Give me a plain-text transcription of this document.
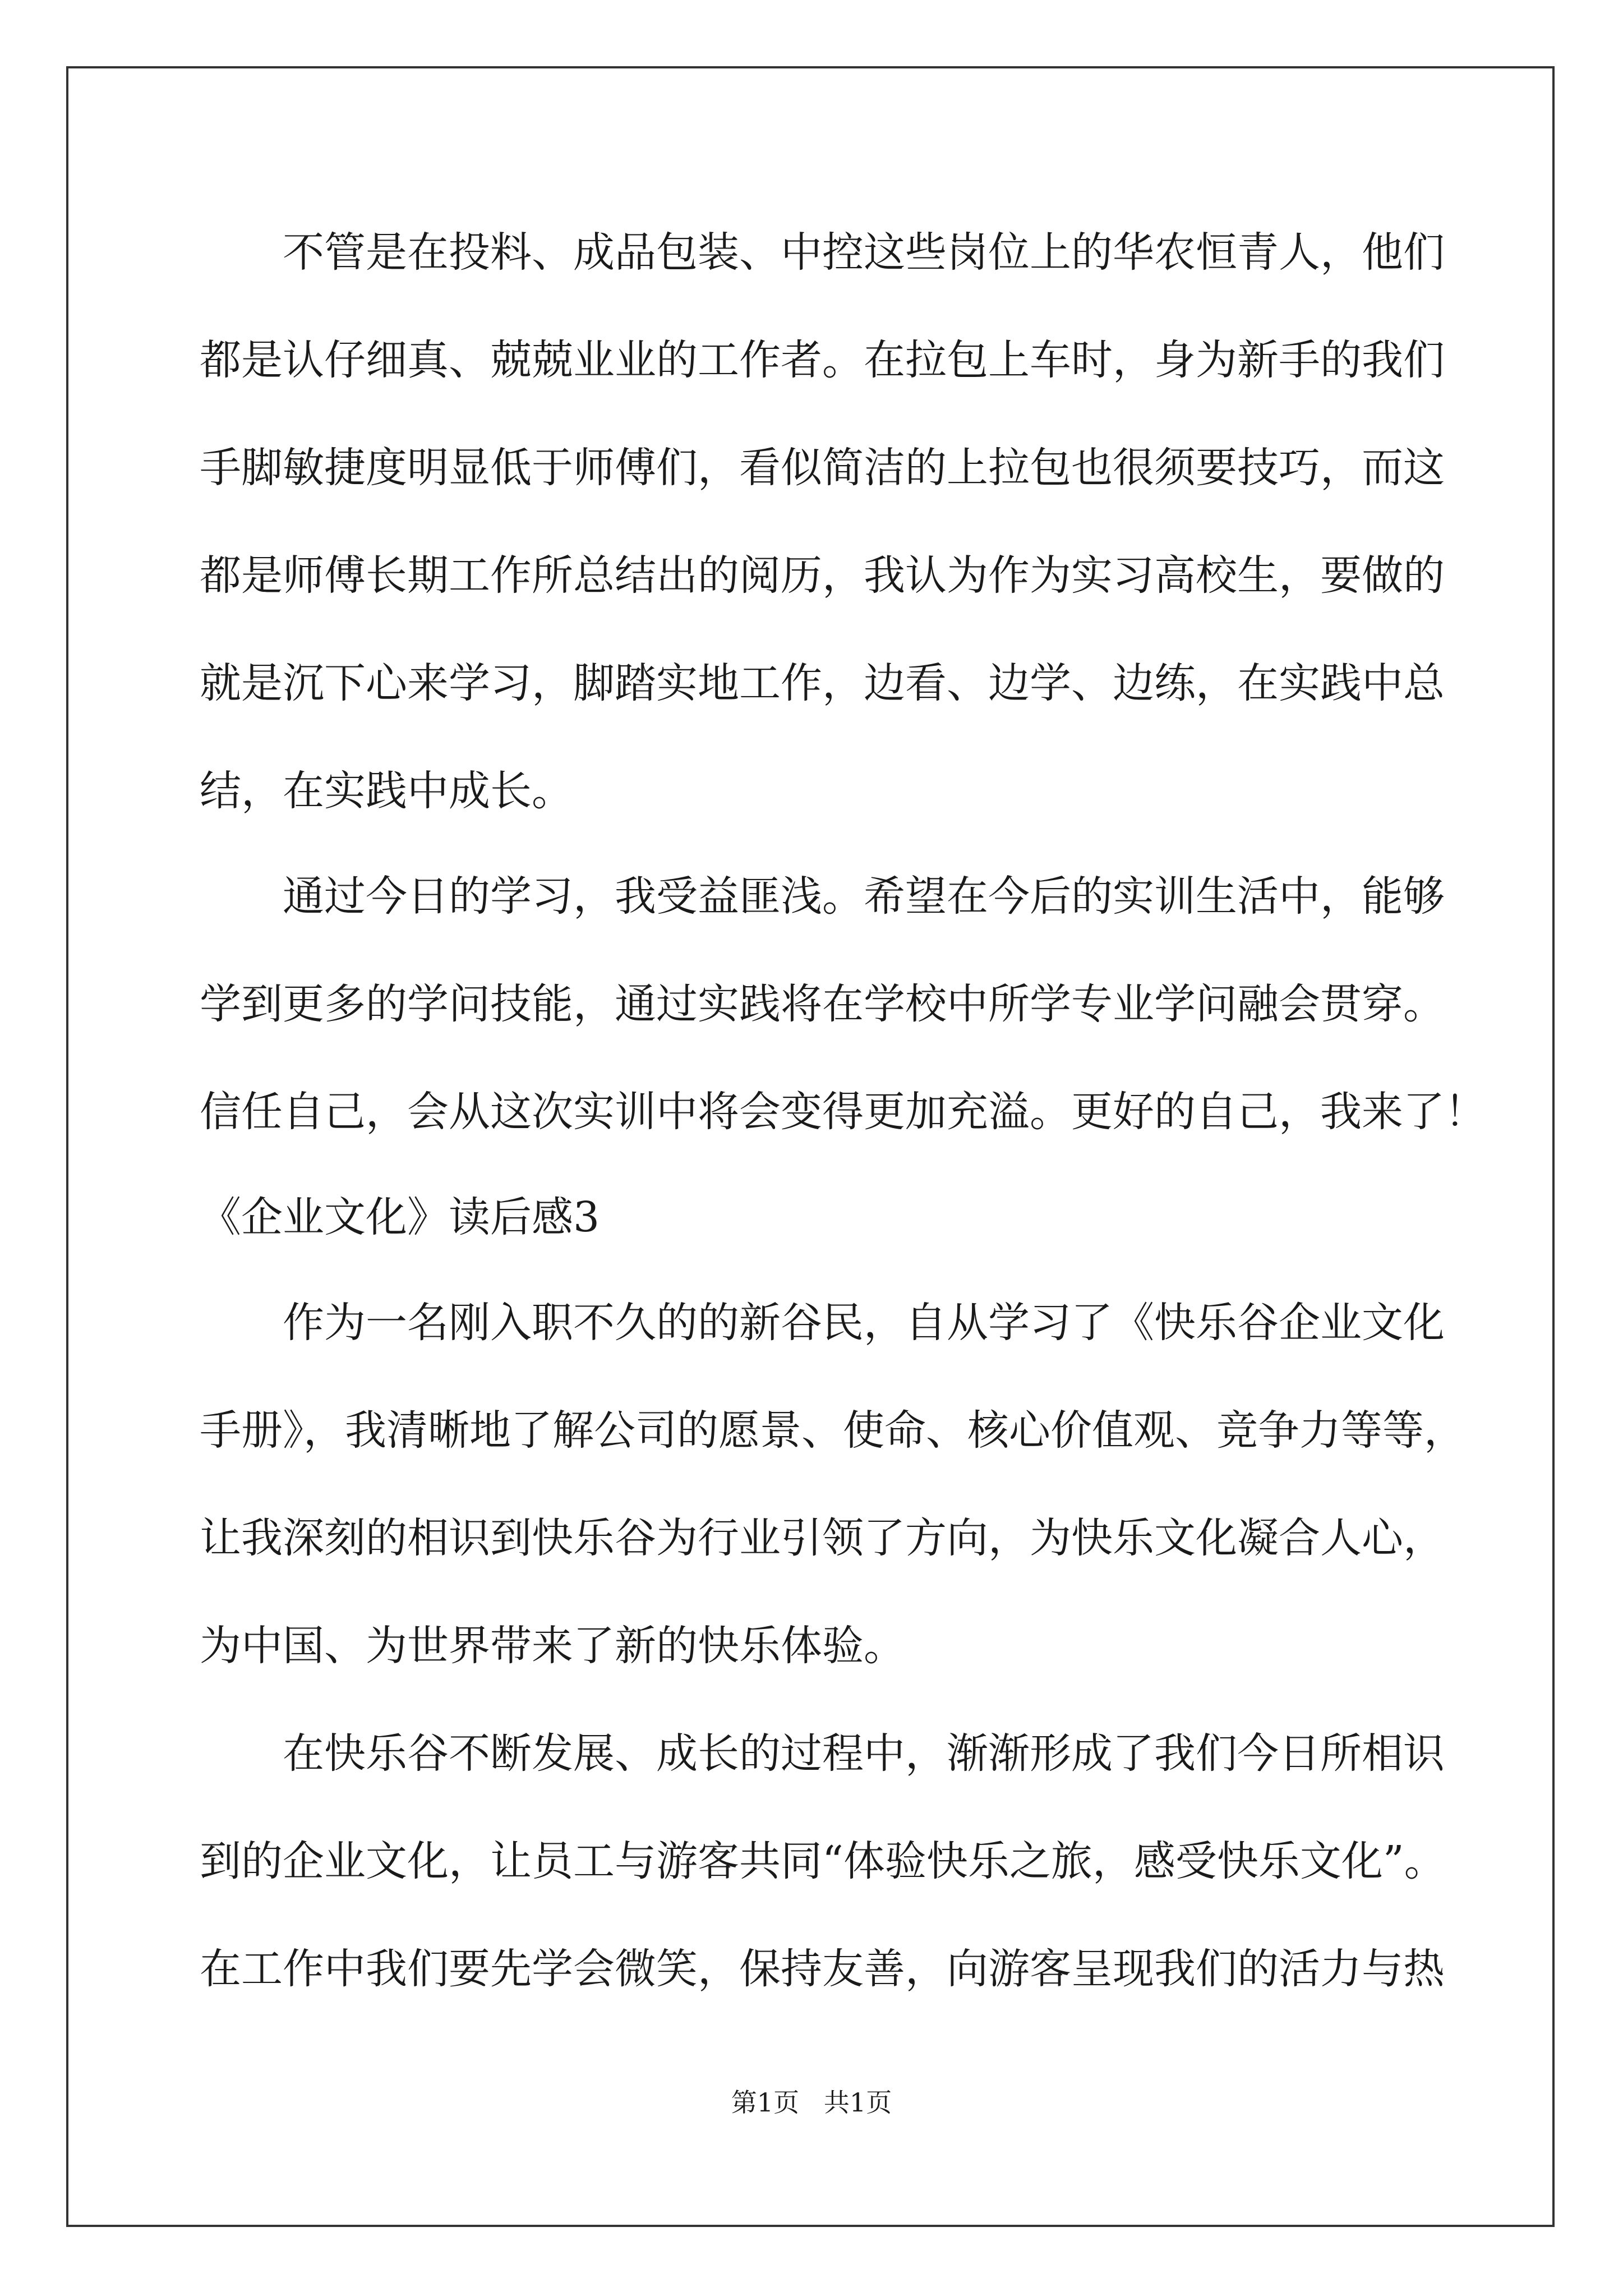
不管是在投料、成品包装、中控这些岗位上的华农恒青人，他们

都是认仔细真、兢兢业业的工作者。在拉包上车时，身为新手的我们

手脚敏捷度明显低于师傅们，看似简洁的上拉包也很须要技巧，而这

都是师傅长期工作所总结出的阅历，我认为作为实习高校生，要做的

就是沉下心来学习，脚踏实地工作，边看、边学、边练，在实践中总

结，在实践中成长。

通过今日的学习，我受益匪浅。希望在今后的实训生活中，能够

学到更多的学问技能，通过实践将在学校中所学专业学问融会贯穿。

信任自己，会从这次实训中将会变得更加充溢。更好的自己，我来了！

《企业文化》读后感3

作为一名刚入职不久的的新谷民，自从学习了《快乐谷企业文化

手册》，我清晰地了解公司的愿景、使命、核心价值观、竞争力等等，

让我深刻的相识到快乐谷为行业引领了方向，为快乐文化凝合人心，

为中国、为世界带来了新的快乐体验。

在快乐谷不断发展、成长的过程中，渐渐形成了我们今日所相识

到的企业文化，让员工与游客共同“体验快乐之旅，感受快乐文化”。

在工作中我们要先学会微笑，保持友善，向游客呈现我们的活力与热

第1页   共1页
